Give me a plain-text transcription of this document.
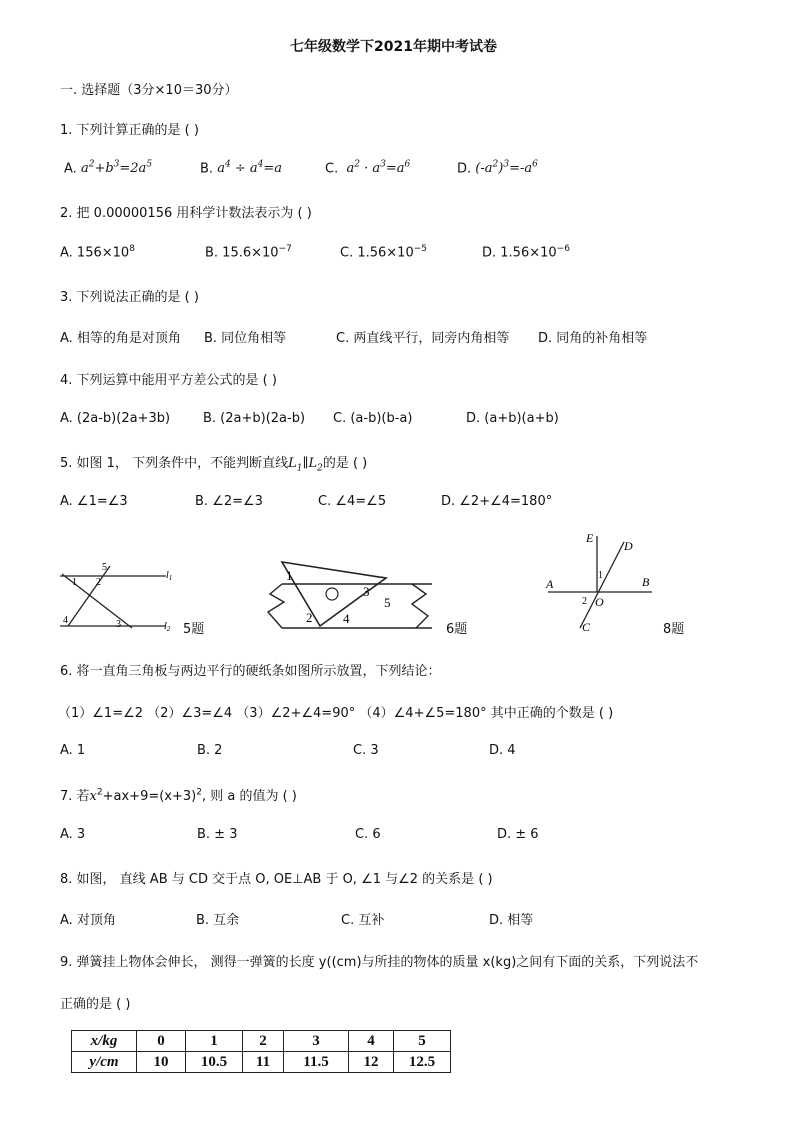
七年级数学下2021年期中考试卷
一. 选择题（3分×10＝30分）
1. 下列计算正确的是 ( )
A. $a^2+b^3=2a^5$	B. $a^4 \div a^4=a$	C. $a^2 \cdot a^3=a^6$	D. $(-a^2)^3=-a^6$
2. 把 0.00000156 用科学计数法表示为 ( )
A. $156\times 10^8$	B. $15.6\times 10^{-7}$	C. $1.56\times 10^{-5}$	D. $1.56\times 10^{-6}$
3. 下列说法正确的是 ( )
A. 相等的角是对顶角 B. 同位角相等	C. 两直线平行，同旁内角相等 D. 同角的补角相等
4. 下列运算中能用平方差公式的是 ( )
A. (2a-b)(2a+3b)	B. (2a+b)(2a-b) C. (a-b)(b-a)	D. (a+b)(a+b)
5. 如图 1， 下列条件中，不能判断直线$L_1\parallel L_2$的是 ( )
A. ∠1=∠3	B. ∠2=∠3	C. ∠4=∠5	D. ∠2+∠4=180°
5
1 2
$l_1$
4	3	$l_2$ 5题
1
3
5
2 4
6题
E
D
A	B
1
2 O
C	8题
6. 将一直角三角板与两边平行的硬纸条如图所示放置，下列结论：
（1）∠1=∠2 （2）∠3=∠4 （3）∠2+∠4=90° （4）∠4+∠5=180° 其中正确的个数是 ( )
A. 1	B. 2	C. 3	D. 4
7. 若$x^2+ax+9=(x+3)^2$, 则 a 的值为 ( )
A. 3	B. ± 3	C. 6	D. ± 6
8. 如图， 直线 AB 与 CD 交于点 O, OE⊥AB 于 O, ∠1 与∠2 的关系是 ( )
A. 对顶角	B. 互余	C. 互补	D. 相等
9. 弹簧挂上物体会伸长， 测得一弹簧的长度 y((cm)与所挂的物体的质量 x(kg)之间有下面的关系，下列说法不
正确的是 ( )
x/kg	0	1	2	3	4	5
y/cm	10	10.5	11	11.5	12	12.5
